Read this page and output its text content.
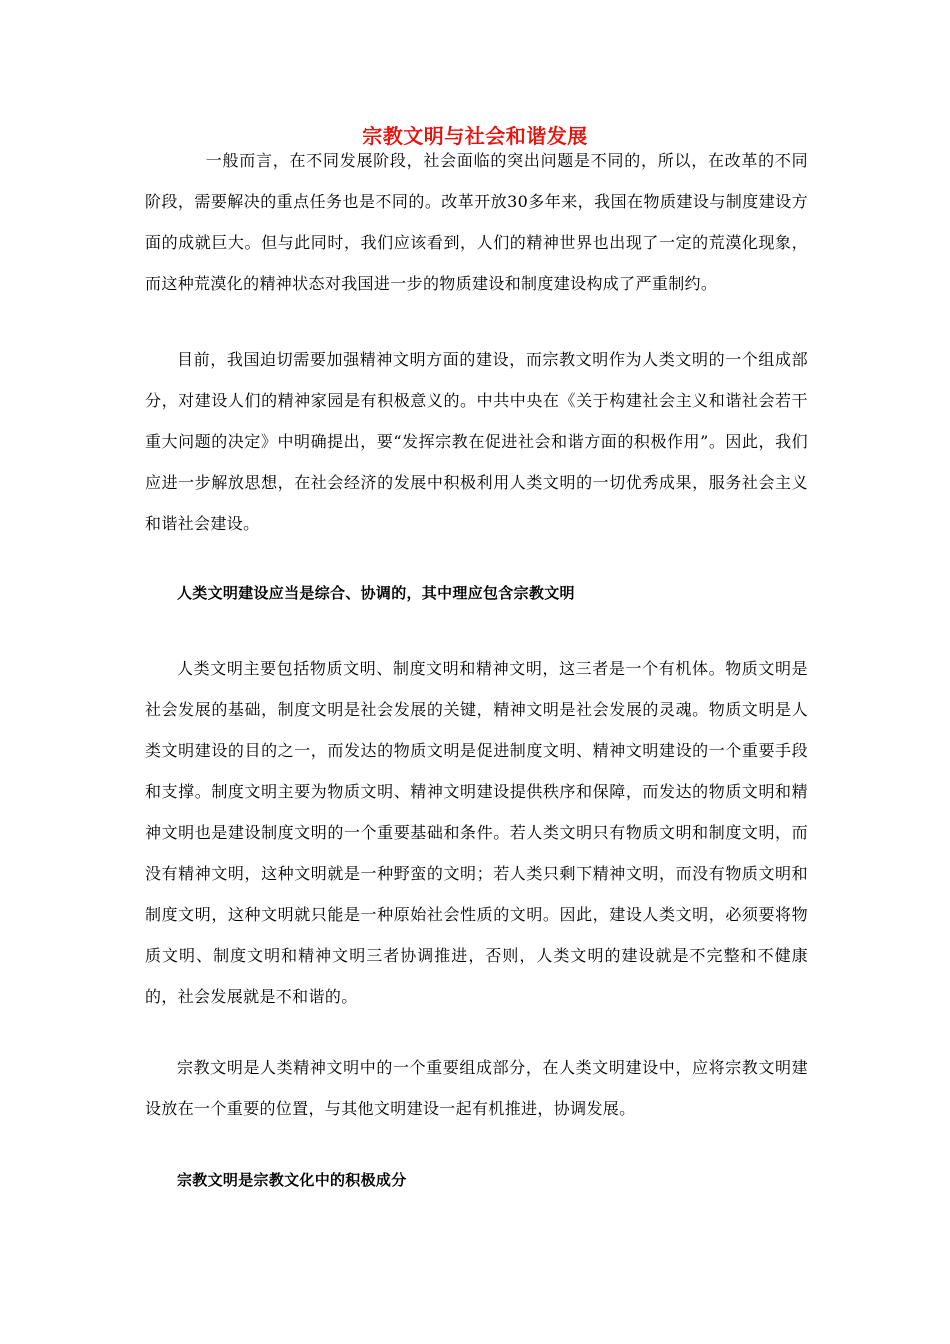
宗教文明与社会和谐发展

一般而言，在不同发展阶段，社会面临的突出问题是不同的，所以，在改革的不同阶段，需要解决的重点任务也是不同的。改革开放30多年来，我国在物质建设与制度建设方面的成就巨大。但与此同时，我们应该看到，人们的精神世界也出现了一定的荒漠化现象，而这种荒漠化的精神状态对我国进一步的物质建设和制度建设构成了严重制约。

目前，我国迫切需要加强精神文明方面的建设，而宗教文明作为人类文明的一个组成部分，对建设人们的精神家园是有积极意义的。中共中央在《关于构建社会主义和谐社会若干重大问题的决定》中明确提出，要“发挥宗教在促进社会和谐方面的积极作用”。因此，我们应进一步解放思想，在社会经济的发展中积极利用人类文明的一切优秀成果，服务社会主义和谐社会建设。

人类文明建设应当是综合、协调的，其中理应包含宗教文明

人类文明主要包括物质文明、制度文明和精神文明，这三者是一个有机体。物质文明是社会发展的基础，制度文明是社会发展的关键，精神文明是社会发展的灵魂。物质文明是人类文明建设的目的之一，而发达的物质文明是促进制度文明、精神文明建设的一个重要手段和支撑。制度文明主要为物质文明、精神文明建设提供秩序和保障，而发达的物质文明和精神文明也是建设制度文明的一个重要基础和条件。若人类文明只有物质文明和制度文明，而没有精神文明，这种文明就是一种野蛮的文明；若人类只剩下精神文明，而没有物质文明和制度文明，这种文明就只能是一种原始社会性质的文明。因此，建设人类文明，必须要将物质文明、制度文明和精神文明三者协调推进，否则，人类文明的建设就是不完整和不健康的，社会发展就是不和谐的。

宗教文明是人类精神文明中的一个重要组成部分，在人类文明建设中，应将宗教文明建设放在一个重要的位置，与其他文明建设一起有机推进，协调发展。

宗教文明是宗教文化中的积极成分
